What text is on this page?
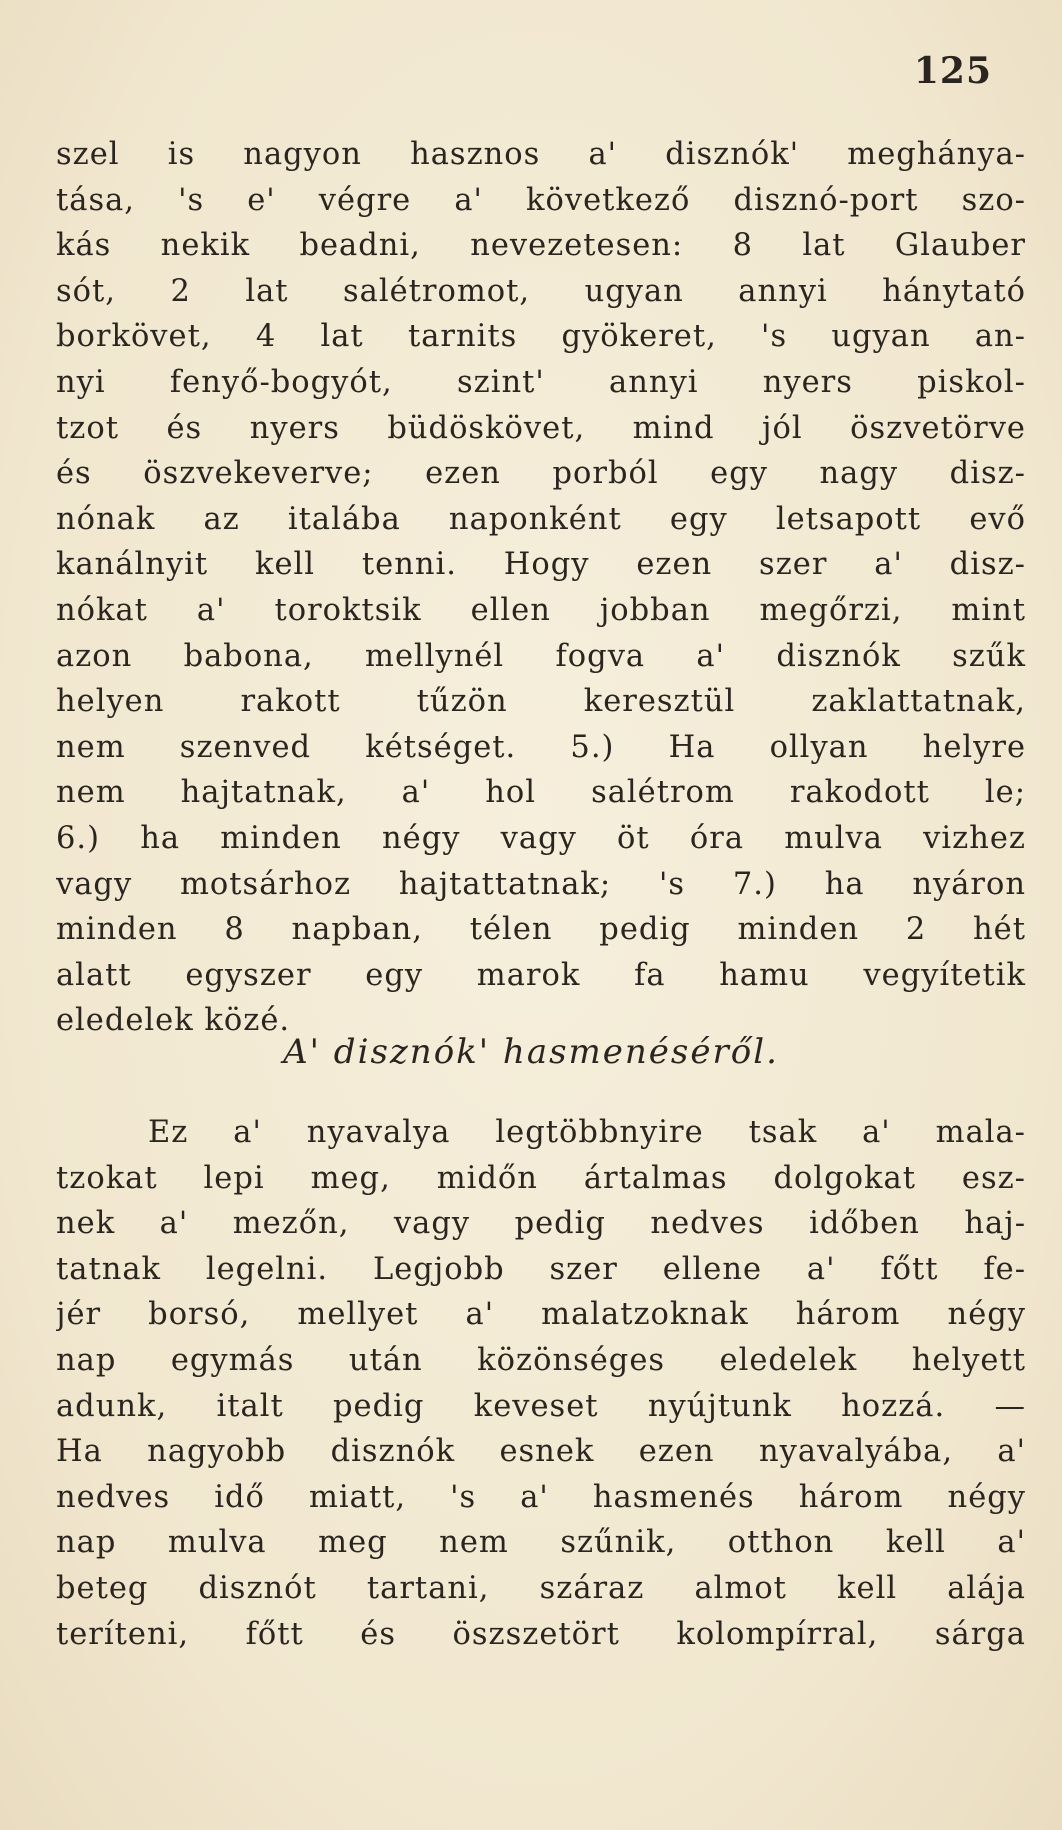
125
szel is nagyon hasznos a' disznók' meghánya-
tása, 's e' végre a' következő disznó-port szo-
kás nekik beadni, nevezetesen: 8 lat Glauber
sót, 2 lat salétromot, ugyan annyi hánytató
borkövet, 4 lat tarnits gyökeret, 's ugyan an-
nyi fenyő-bogyót, szint' annyi nyers piskol-
tzot és nyers büdöskövet, mind jól öszvetörve
és öszvekeverve; ezen porból egy nagy disz-
nónak az italába naponként egy letsapott evő
kanálnyit kell tenni. Hogy ezen szer a' disz-
nókat a' toroktsik ellen jobban megőrzi, mint
azon babona, mellynél fogva a' disznók szűk
helyen rakott tűzön keresztül zaklattatnak,
nem szenved kétséget. 5.) Ha ollyan helyre
nem hajtatnak, a' hol salétrom rakodott le;
6.) ha minden négy vagy öt óra mulva vizhez
vagy motsárhoz hajtattatnak; 's 7.) ha nyáron
minden 8 napban, télen pedig minden 2 hét
alatt egyszer egy marok fa hamu vegyítetik
eledelek közé.
A' disznók' hasmenéséről.
Ez a' nyavalya legtöbbnyire tsak a' mala-
tzokat lepi meg, midőn ártalmas dolgokat esz-
nek a' mezőn, vagy pedig nedves időben haj-
tatnak legelni. Legjobb szer ellene a' főtt fe-
jér borsó, mellyet a' malatzoknak három négy
nap egymás után közönséges eledelek helyett
adunk, italt pedig keveset nyújtunk hozzá. —
Ha nagyobb disznók esnek ezen nyavalyába, a'
nedves idő miatt, 's a' hasmenés három négy
nap mulva meg nem szűnik, otthon kell a'
beteg disznót tartani, száraz almot kell alája
teríteni, főtt és öszszetört kolompírral, sárga
